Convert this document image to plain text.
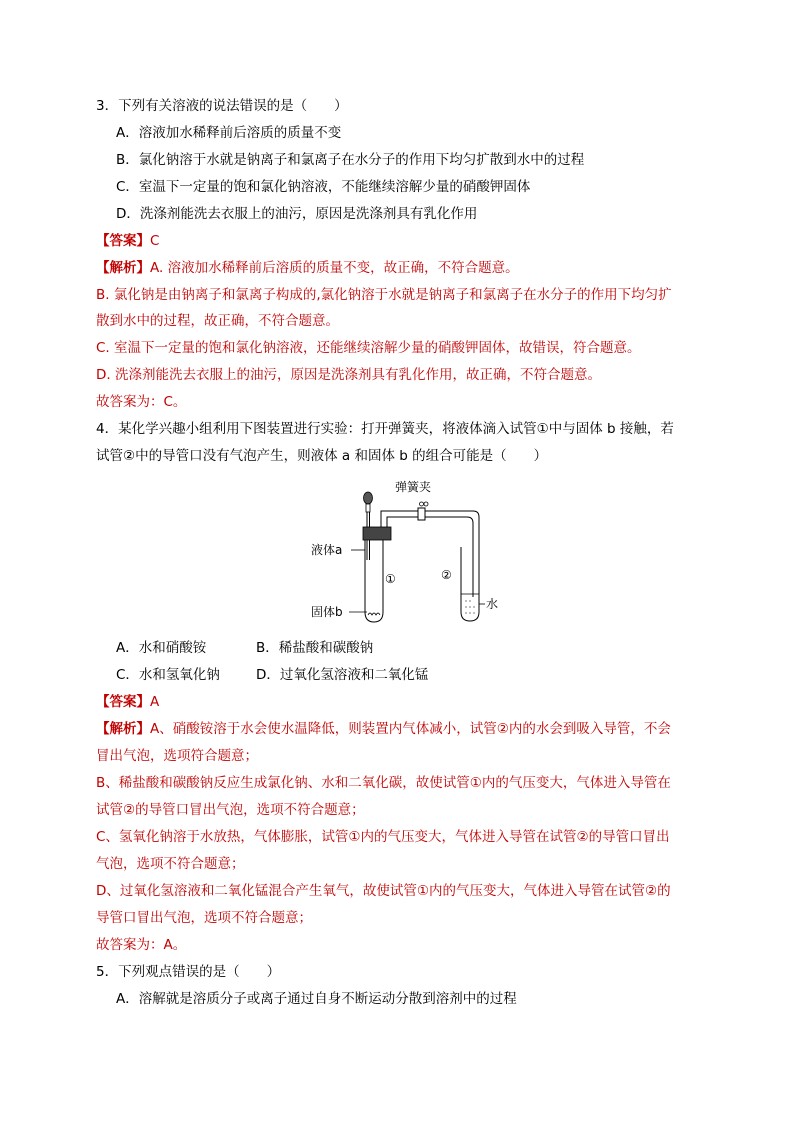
3．下列有关溶液的说法错误的是（　　）
A．溶液加水稀释前后溶质的质量不变
B．氯化钠溶于水就是钠离子和氯离子在水分子的作用下均匀扩散到水中的过程
C．室温下一定量的饱和氯化钠溶液，不能继续溶解少量的硝酸钾固体
D．洗涤剂能洗去衣服上的油污，原因是洗涤剂具有乳化作用
【答案】C
【解析】A. 溶液加水稀释前后溶质的质量不变，故正确，不符合题意。
B. 氯化钠是由钠离子和氯离子构成的,氯化钠溶于水就是钠离子和氯离子在水分子的作用下均匀扩
散到水中的过程，故正确，不符合题意。
C. 室温下一定量的饱和氯化钠溶液，还能继续溶解少量的硝酸钾固体，故错误，符合题意。
D. 洗涤剂能洗去衣服上的油污，原因是洗涤剂具有乳化作用，故正确，不符合题意。
故答案为：C。
4．某化学兴趣小组利用下图装置进行实验：打开弹簧夹，将液体滴入试管①中与固体 b 接触，若
试管②中的导管口没有气泡产生，则液体 a 和固体 b 的组合可能是（　　）
弹簧夹
①
液体a
固体b
②
水
A．水和硝酸铵	B．稀盐酸和碳酸钠
C．水和氢氧化钠	D．过氧化氢溶液和二氧化锰
【答案】A
【解析】A、硝酸铵溶于水会使水温降低，则装置内气体减小，试管②内的水会到吸入导管，不会
冒出气泡，选项符合题意；
B、稀盐酸和碳酸钠反应生成氯化钠、水和二氧化碳，故使试管①内的气压变大，气体进入导管在
试管②的导管口冒出气泡，选项不符合题意；
C、氢氧化钠溶于水放热，气体膨胀，试管①内的气压变大，气体进入导管在试管②的导管口冒出
气泡，选项不符合题意；
D、过氧化氢溶液和二氧化锰混合产生氧气，故使试管①内的气压变大，气体进入导管在试管②的
导管口冒出气泡，选项不符合题意；
故答案为：A。
5．下列观点错误的是（　　）
A．溶解就是溶质分子或离子通过自身不断运动分散到溶剂中的过程
